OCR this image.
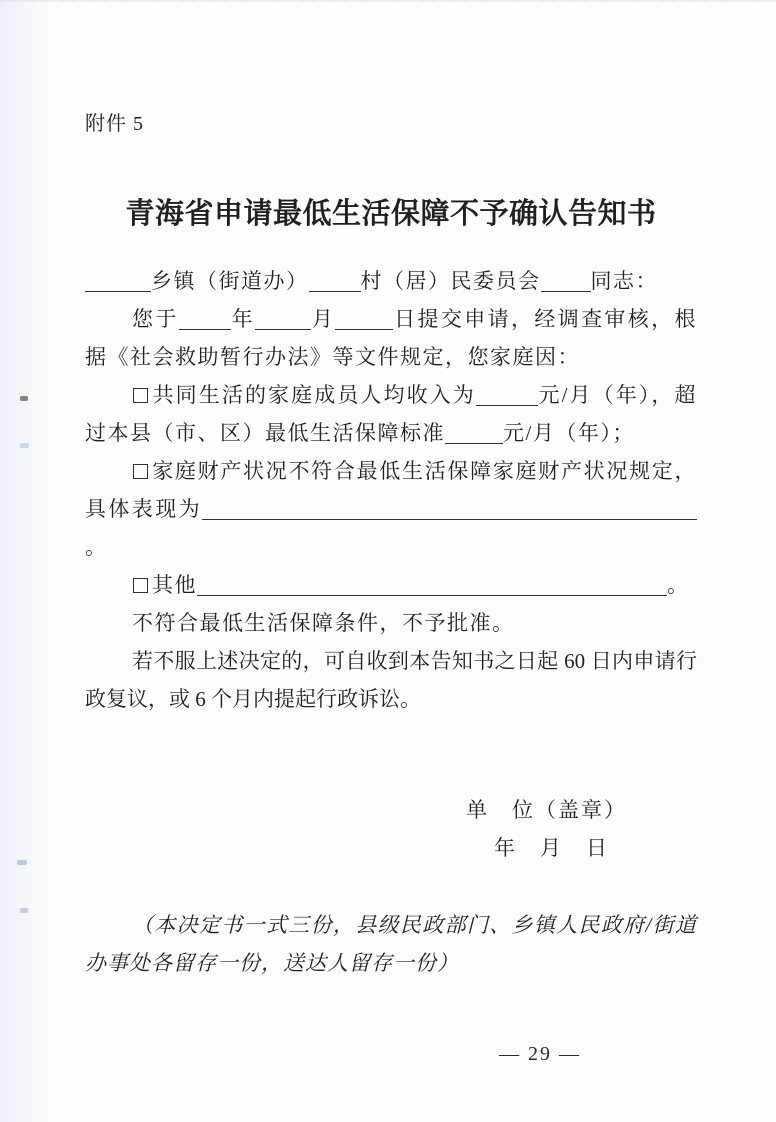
附件 5
青海省申请最低生活保障不予确认告知书
乡镇（街道办） 村（居）民委员会 同志：
您于 年	月	日提交申请，经调查审核，根据《社会救助暂行办法》等文件规定，您家庭因：
共同生活的家庭成员人均收入为	元/月（年），超过本县（市、区）最低生活保障标准	元/月（年）；
家庭财产状况不符合最低生活保障家庭财产状况规定，具体表现为。
其他	。
不符合最低生活保障条件，不予批准。
若不服上述决定的，可自收到本告知书之日起 60 日内申请行政复议，或 6 个月内提起行政诉讼。
单　位（盖章）
年　月　日
（本决定书一式三份，县级民政部门、乡镇人民政府/街道办事处各留存一份，送达人留存一份）
— 29 —
